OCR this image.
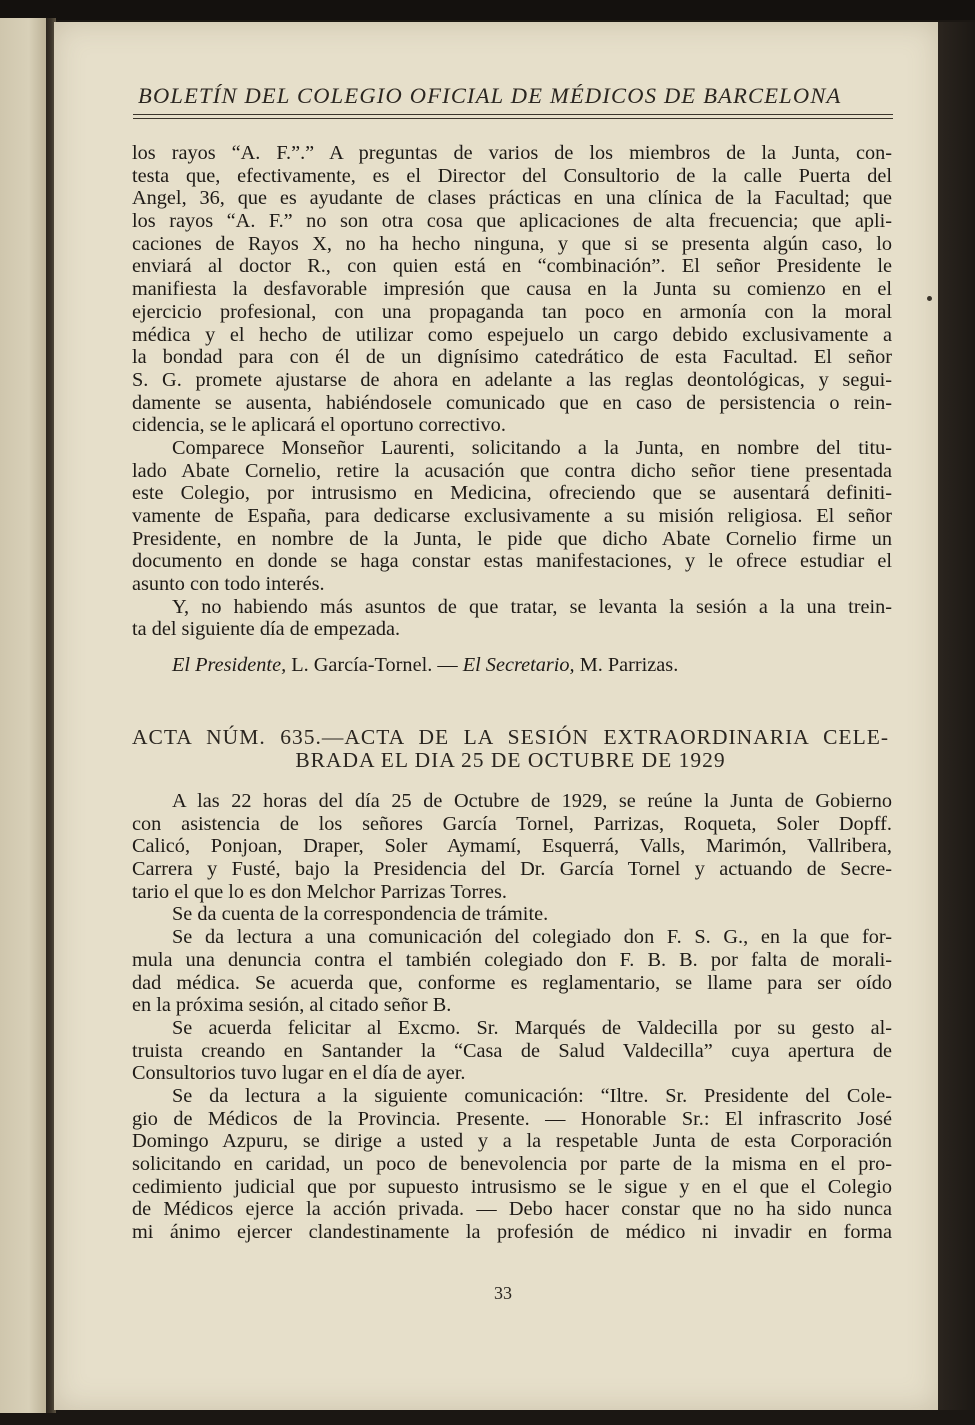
BOLETÍN DEL COLEGIO OFICIAL DE MÉDICOS DE BARCELONA
los rayos “A. F.”.” A preguntas de varios de los miembros de la Junta, con-
testa que, efectivamente, es el Director del Consultorio de la calle Puerta del
Angel, 36, que es ayudante de clases prácticas en una clínica de la Facultad; que
los rayos “A. F.” no son otra cosa que aplicaciones de alta frecuencia; que apli-
caciones de Rayos X, no ha hecho ninguna, y que si se presenta algún caso, lo
enviará al doctor R., con quien está en “combinación”. El señor Presidente le
manifiesta la desfavorable impresión que causa en la Junta su comienzo en el
ejercicio profesional, con una propaganda tan poco en armonía con la moral
médica y el hecho de utilizar como espejuelo un cargo debido exclusivamente a
la bondad para con él de un dignísimo catedrático de esta Facultad. El señor
S. G. promete ajustarse de ahora en adelante a las reglas deontológicas, y segui-
damente se ausenta, habiéndosele comunicado que en caso de persistencia o rein-
cidencia, se le aplicará el oportuno correctivo.
Comparece Monseñor Laurenti, solicitando a la Junta, en nombre del titu-
lado Abate Cornelio, retire la acusación que contra dicho señor tiene presentada
este Colegio, por intrusismo en Medicina, ofreciendo que se ausentará definiti-
vamente de España, para dedicarse exclusivamente a su misión religiosa. El señor
Presidente, en nombre de la Junta, le pide que dicho Abate Cornelio firme un
documento en donde se haga constar estas manifestaciones, y le ofrece estudiar el
asunto con todo interés.
Y, no habiendo más asuntos de que tratar, se levanta la sesión a la una trein-
ta del siguiente día de empezada.
El Presidente, L. García-Tornel. — El Secretario, M. Parrizas.
ACTA NÚM. 635.—ACTA DE LA SESIÓN EXTRAORDINARIA CELE-
BRADA EL DIA 25 DE OCTUBRE DE 1929
A las 22 horas del día 25 de Octubre de 1929, se reúne la Junta de Gobierno
con asistencia de los señores García Tornel, Parrizas, Roqueta, Soler Dopff.
Calicó, Ponjoan, Draper, Soler Aymamí, Esquerrá, Valls, Marimón, Vallribera,
Carrera y Fusté, bajo la Presidencia del Dr. García Tornel y actuando de Secre-
tario el que lo es don Melchor Parrizas Torres.
Se da cuenta de la correspondencia de trámite.
Se da lectura a una comunicación del colegiado don F. S. G., en la que for-
mula una denuncia contra el también colegiado don F. B. B. por falta de morali-
dad médica. Se acuerda que, conforme es reglamentario, se llame para ser oído
en la próxima sesión, al citado señor B.
Se acuerda felicitar al Excmo. Sr. Marqués de Valdecilla por su gesto al-
truista creando en Santander la “Casa de Salud Valdecilla” cuya apertura de
Consultorios tuvo lugar en el día de ayer.
Se da lectura a la siguiente comunicación: “Iltre. Sr. Presidente del Cole-
gio de Médicos de la Provincia. Presente. — Honorable Sr.: El infrascrito José
Domingo Azpuru, se dirige a usted y a la respetable Junta de esta Corporación
solicitando en caridad, un poco de benevolencia por parte de la misma en el pro-
cedimiento judicial que por supuesto intrusismo se le sigue y en el que el Colegio
de Médicos ejerce la acción privada. — Debo hacer constar que no ha sido nunca
mi ánimo ejercer clandestinamente la profesión de médico ni invadir en forma
33
